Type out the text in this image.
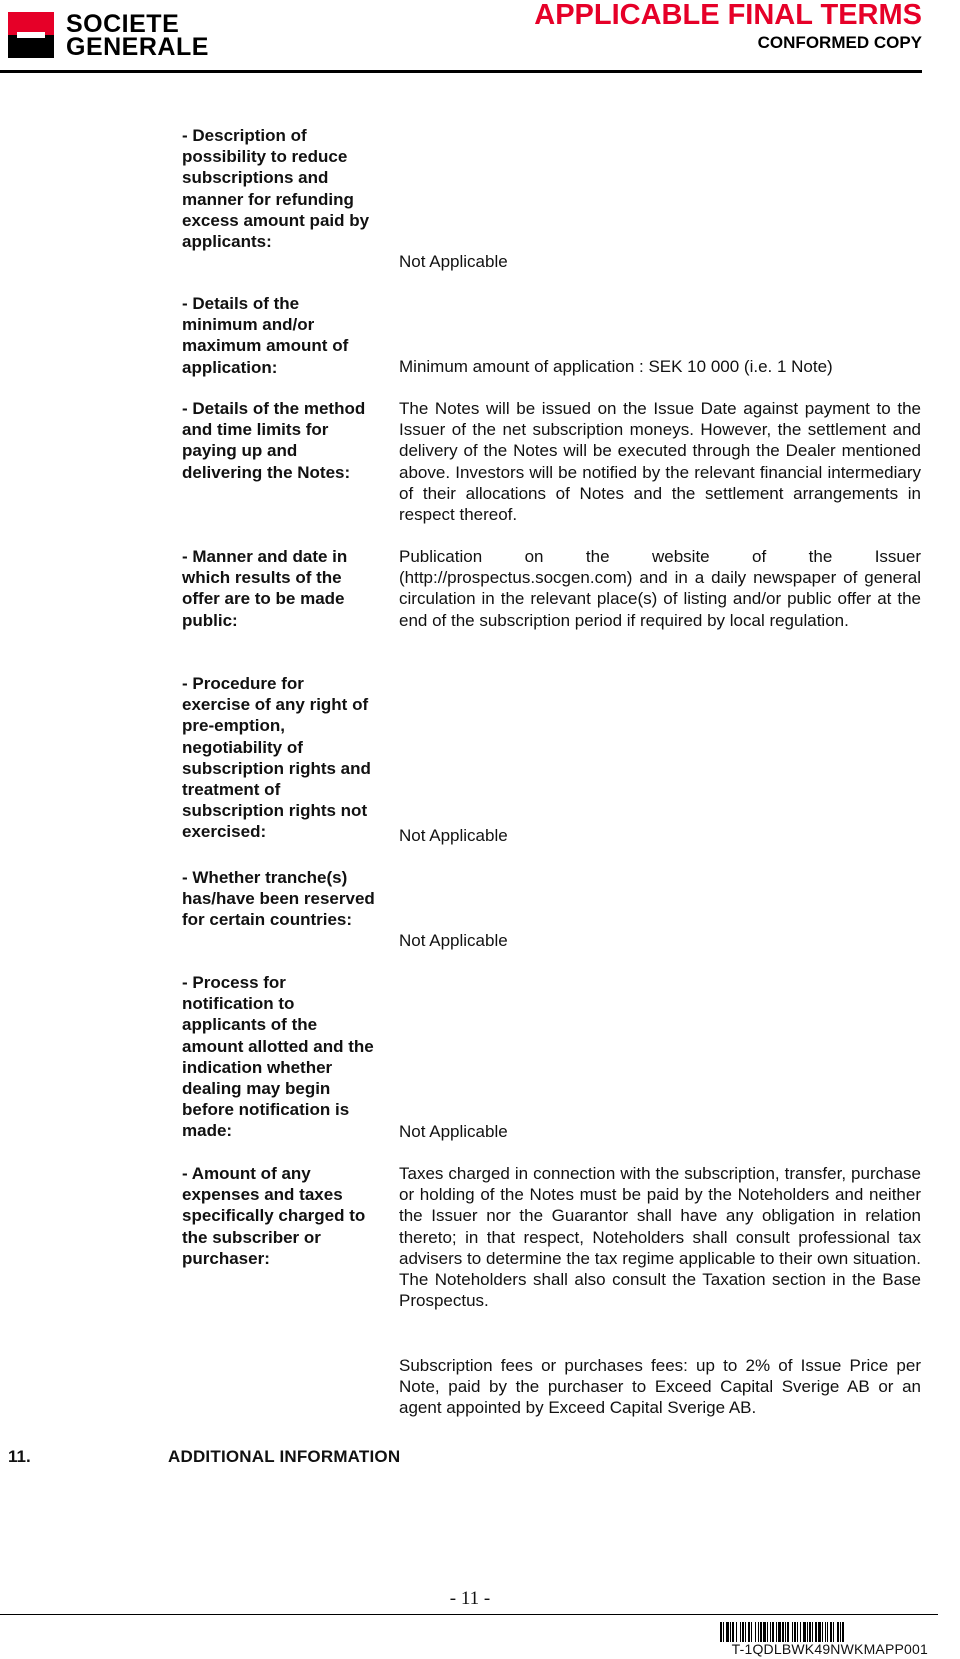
SOCIETE
GENERALE
APPLICABLE FINAL TERMS
CONFORMED COPY
- Description of possibility to reduce subscriptions and manner for refunding excess amount paid by applicants:
Not Applicable
- Details of the minimum and/or maximum amount of application:	Minimum amount of application : SEK 10 000 (i.e. 1 Note)
- Details of the method and time limits for paying up and delivering the Notes:
The Notes will be issued on the Issue Date against payment to the Issuer of the net subscription moneys. However, the settlement and delivery of the Notes will be executed through the Dealer mentioned above. Investors will be notified by the relevant financial intermediary of their allocations of Notes and the settlement arrangements in respect thereof.
- Manner and date in which results of the offer are to be made public:
Publication on the website of the Issuer (http://prospectus.socgen.com) and in a daily newspaper of general circulation in the relevant place(s) of listing and/or public offer at the end of the subscription period if required by local regulation.
- Procedure for exercise of any right of pre-emption, negotiability of subscription rights and treatment of subscription rights not exercised:	Not Applicable
- Whether tranche(s) has/have been reserved for certain countries:
Not Applicable
- Process for notification to applicants of the amount allotted and the indication whether dealing may begin before notification is made:	Not Applicable
- Amount of any expenses and taxes specifically charged to the subscriber or purchaser:
Taxes charged in connection with the subscription, transfer, purchase or holding of the Notes must be paid by the Noteholders and neither the Issuer nor the Guarantor shall have any obligation in relation thereto; in that respect, Noteholders shall consult professional tax advisers to determine the tax regime applicable to their own situation. The Noteholders shall also consult the Taxation section in the Base Prospectus.
Subscription fees or purchases fees: up to 2% of Issue Price per Note, paid by the purchaser to Exceed Capital Sverige AB or an agent appointed by Exceed Capital Sverige AB.
11.	ADDITIONAL INFORMATION
- 11 -
T-1QDLBWK49NWKMAPP001
